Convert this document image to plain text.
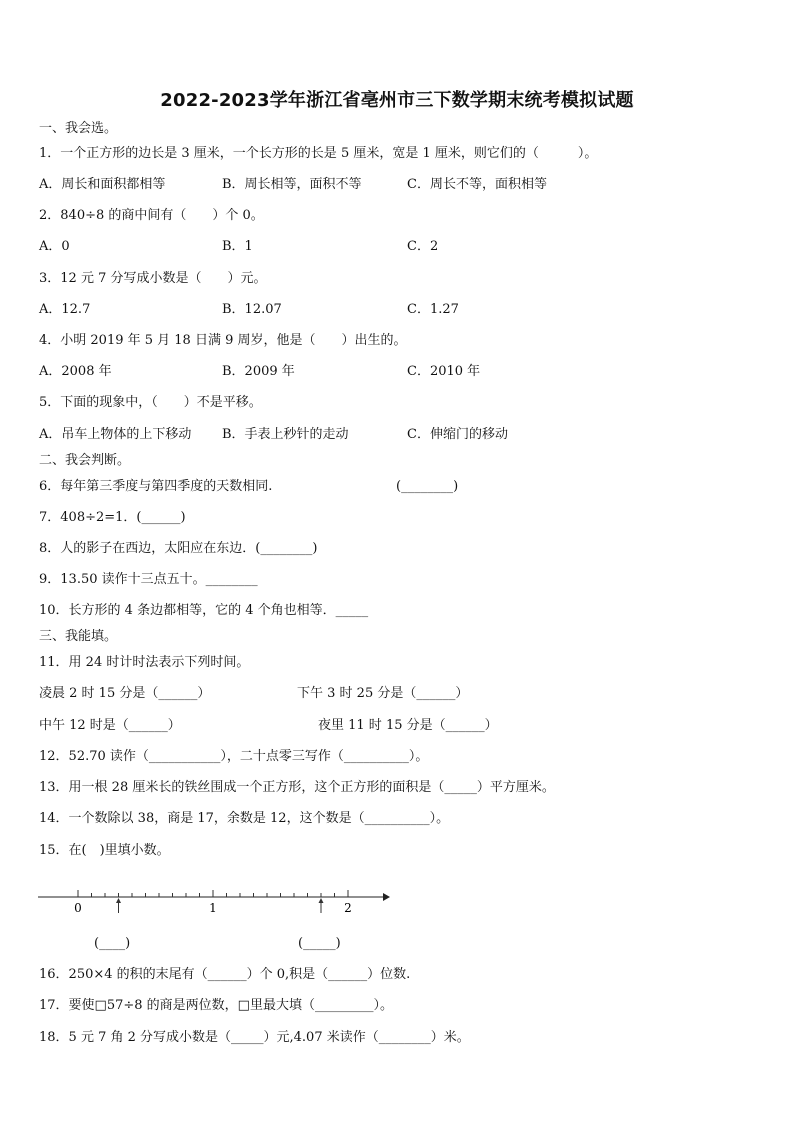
2022-2023学年浙江省亳州市三下数学期末统考模拟试题
一、我会选。
1．一个正方形的边长是 3 厘米，一个长方形的长是 5 厘米，宽是 1 厘米，则它们的（　　　）。
A．周长和面积都相等	B．周长相等，面积不等	C．周长不等，面积相等
2．840÷8 的商中间有（　　）个 0。
A．0	B．1	C．2
3．12 元 7 分写成小数是（　　）元。
A．12.7	B．12.07	C．1.27
4．小明 2019 年 5 月 18 日满 9 周岁，他是（　　）出生的。
A．2008 年	B．2009 年	C．2010 年
5．下面的现象中，（　　）不是平移。
A．吊车上物体的上下移动 B．手表上秒针的走动	C．伸缩门的移动
二、我会判断。
6．每年第三季度与第四季度的天数相同.	(________)
7．408÷2=1．(______)
8．人的影子在西边，太阳应在东边．(________)
9．13.50 读作十三点五十。________
10．长方形的 4 条边都相等，它的 4 个角也相等．_____
三、我能填。
11．用 24 时计时法表示下列时间。
凌晨 2 时 15 分是（______）	下午 3 时 25 分是（______）
中午 12 时是（______）	夜里 11 时 15 分是（______）
12．52.70 读作（___________），二十点零三写作（__________）。
13．用一根 28 厘米长的铁丝围成一个正方形，这个正方形的面积是（_____）平方厘米。
14．一个数除以 38，商是 17，余数是 12，这个数是（__________）。
15．在(　)里填小数。
0	1	2
(____)	(_____)
16．250×4 的积的末尾有（______）个 0,积是（______）位数.
17．要使□57÷8 的商是两位数，□里最大填（_________）。
18．5 元 7 角 2 分写成小数是（_____）元,4.07 米读作（________）米。
